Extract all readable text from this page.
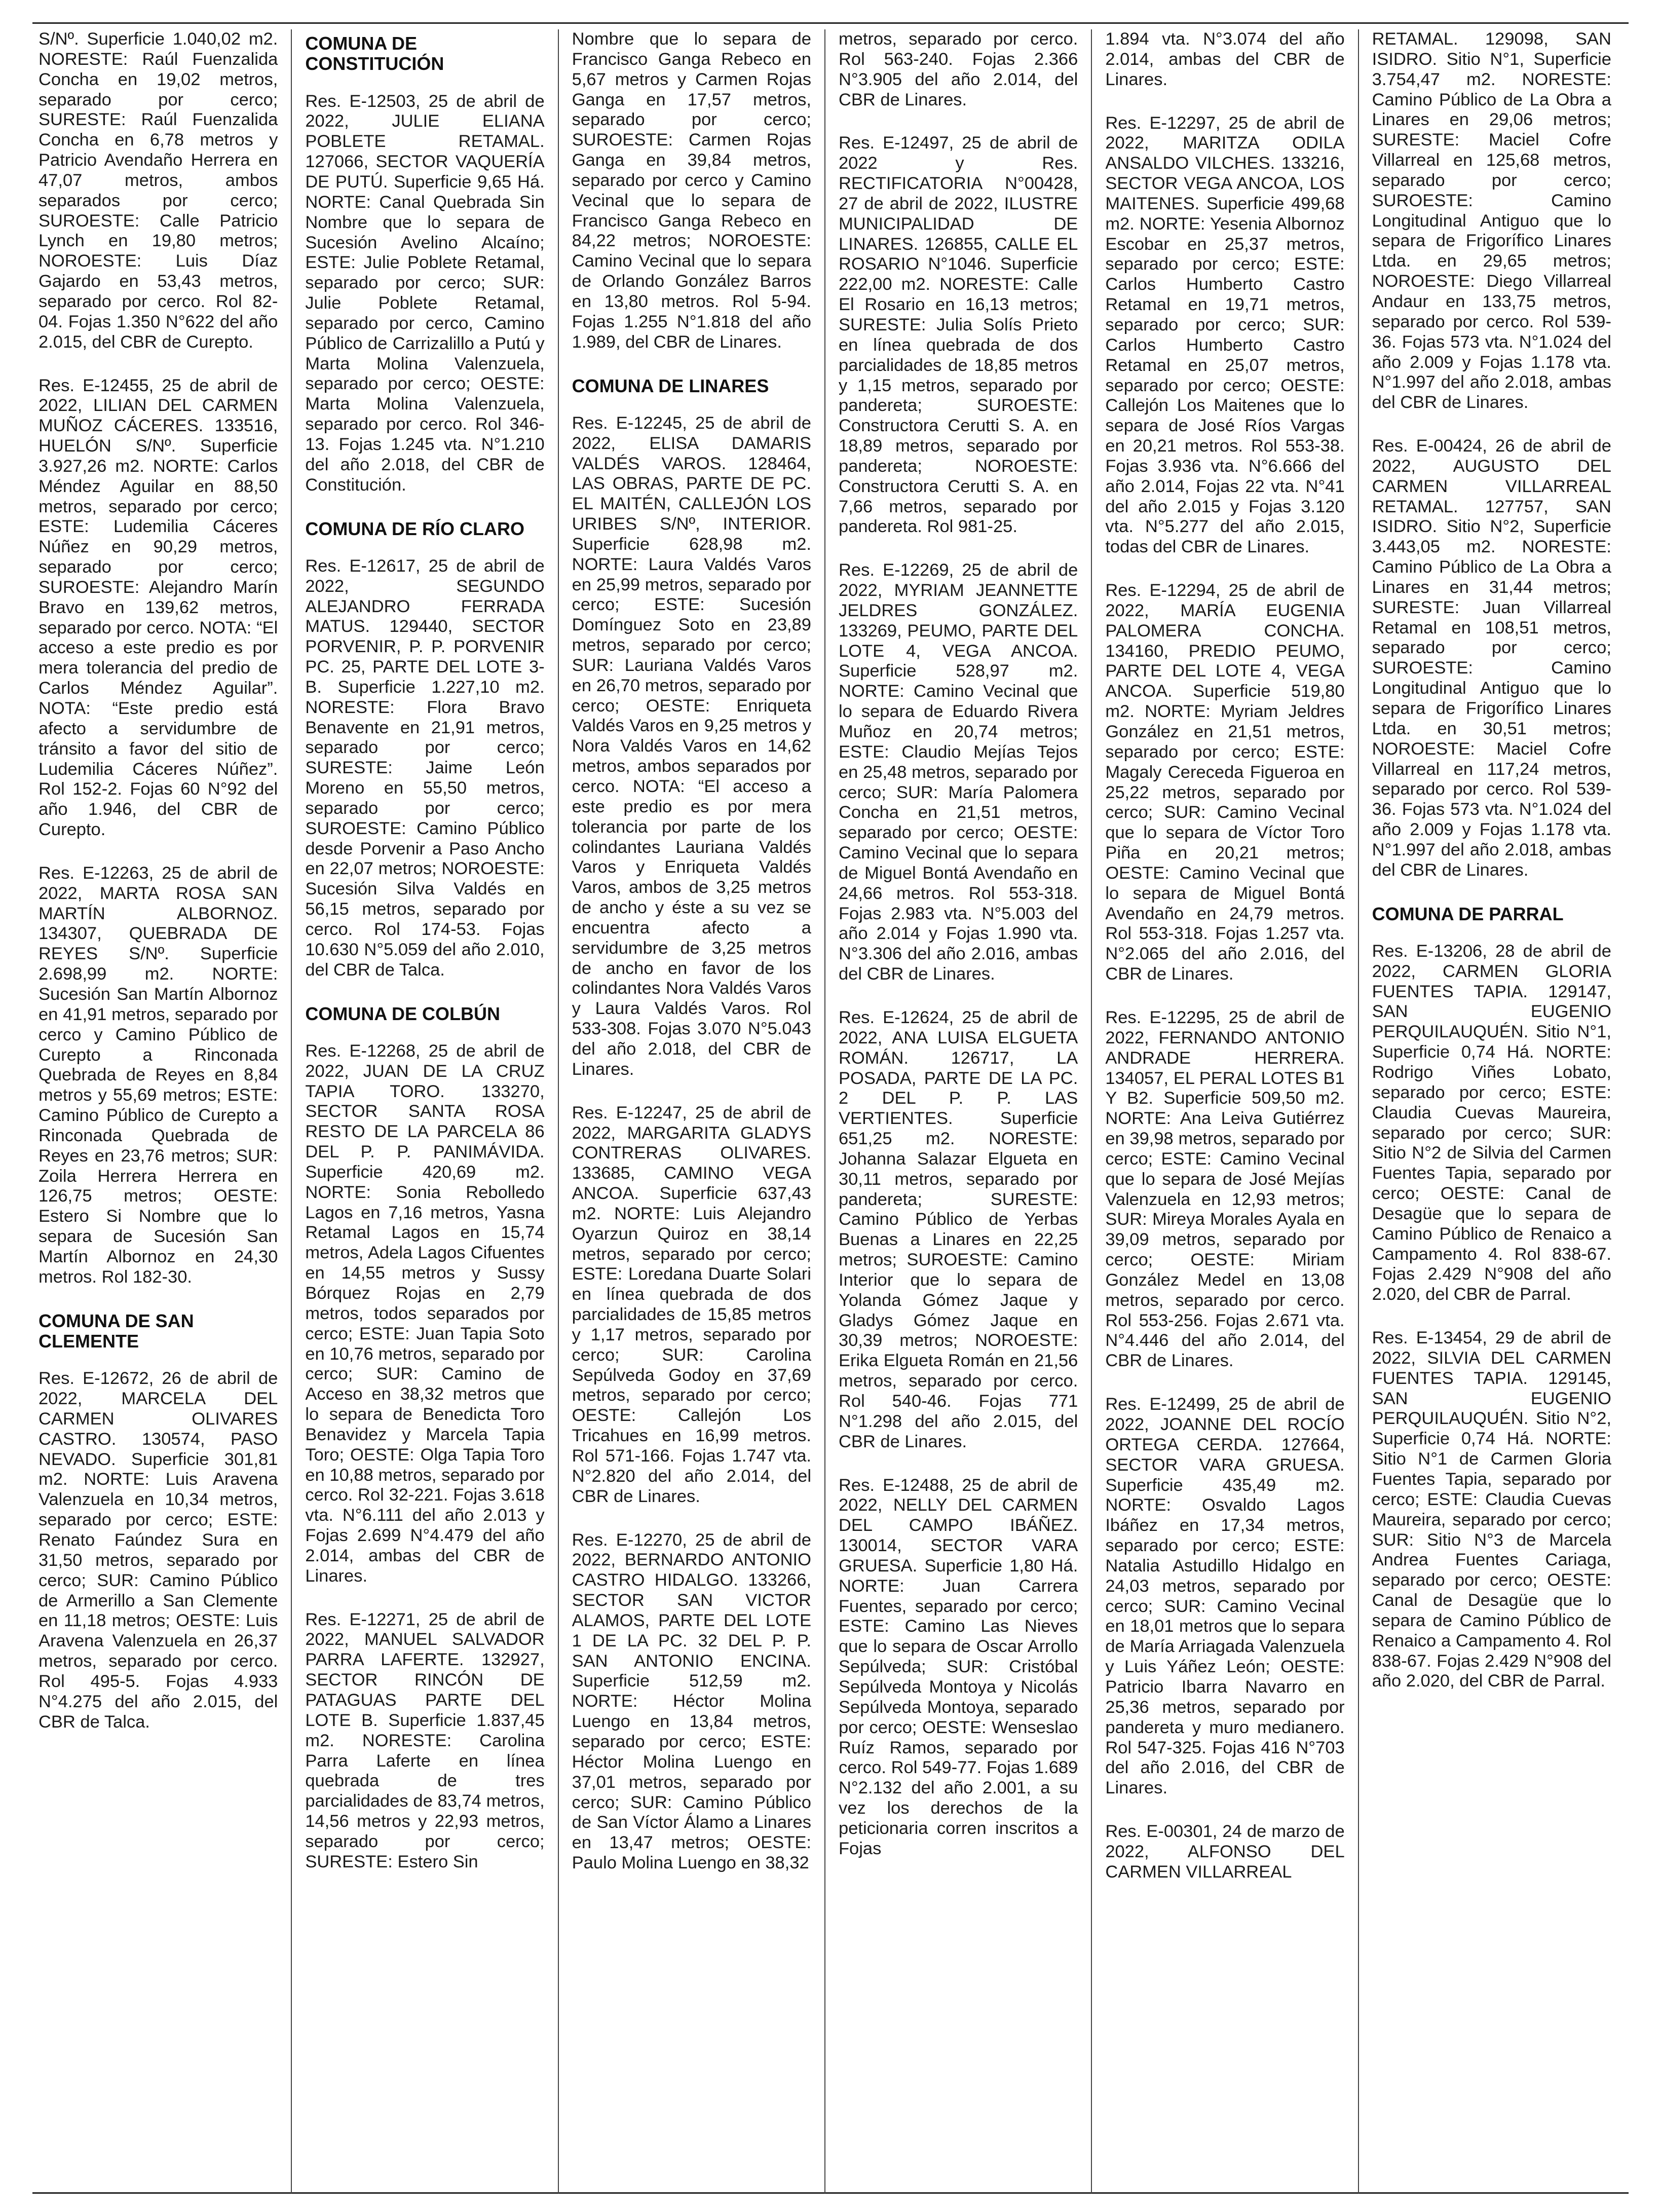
S/Nº. Superficie 1.040,02 m2. NORESTE: Raúl Fuenzalida Concha en 19,02 metros, separado por cerco; SURESTE: Raúl Fuenzalida Concha en 6,78 metros y Patricio Avendaño Herrera en 47,07 metros, ambos separados por cerco; SUROESTE: Calle Patricio Lynch en 19,80 metros; NOROESTE: Luis Díaz Gajardo en 53,43 metros, separado por cerco. Rol 82-04. Fojas 1.350 N°622 del año 2.015, del CBR de Curepto.
Res. E-12455, 25 de abril de 2022, LILIAN DEL CARMEN MUÑOZ CÁCERES. 133516, HUELÓN S/Nº. Superficie 3.927,26 m2. NORTE: Carlos Méndez Aguilar en 88,50 metros, separado por cerco; ESTE: Ludemilia Cáceres Núñez en 90,29 metros, separado por cerco; SUROESTE: Alejandro Marín Bravo en 139,62 metros, separado por cerco. NOTA: “El acceso a este predio es por mera tolerancia del predio de Carlos Méndez Aguilar”. NOTA: “Este predio está afecto a servidumbre de tránsito a favor del sitio de Ludemilia Cáceres Núñez”. Rol 152-2. Fojas 60 N°92 del año 1.946, del CBR de Curepto.
Res. E-12263, 25 de abril de 2022, MARTA ROSA SAN MARTÍN ALBORNOZ. 134307, QUEBRADA DE REYES S/Nº. Superficie 2.698,99 m2. NORTE: Sucesión San Martín Albornoz en 41,91 metros, separado por cerco y Camino Público de Curepto a Rinconada Quebrada de Reyes en 8,84 metros y 55,69 metros; ESTE: Camino Público de Curepto a Rinconada Quebrada de Reyes en 23,76 metros; SUR: Zoila Herrera Herrera en 126,75 metros; OESTE: Estero Si Nombre que lo separa de Sucesión San Martín Albornoz en 24,30 metros. Rol 182-30.
COMUNA DE SAN CLEMENTE
Res. E-12672, 26 de abril de 2022, MARCELA DEL CARMEN OLIVARES CASTRO. 130574, PASO NEVADO. Superficie 301,81 m2. NORTE: Luis Aravena Valenzuela en 10,34 metros, separado por cerco; ESTE: Renato Faúndez Sura en 31,50 metros, separado por cerco; SUR: Camino Público de Armerillo a San Clemente en 11,18 metros; OESTE: Luis Aravena Valenzuela en 26,37 metros, separado por cerco. Rol 495-5. Fojas 4.933 N°4.275 del año 2.015, del CBR de Talca.
COMUNA DE CONSTITUCIÓN
Res. E-12503, 25 de abril de 2022, JULIE ELIANA POBLETE RETAMAL. 127066, SECTOR VAQUERÍA DE PUTÚ. Superficie 9,65 Há. NORTE: Canal Quebrada Sin Nombre que lo separa de Sucesión Avelino Alcaíno; ESTE: Julie Poblete Retamal, separado por cerco; SUR: Julie Poblete Retamal, separado por cerco, Camino Público de Carrizalillo a Putú y Marta Molina Valenzuela, separado por cerco; OESTE: Marta Molina Valenzuela, separado por cerco. Rol 346-13. Fojas 1.245 vta. N°1.210 del año 2.018, del CBR de Constitución.
COMUNA DE RÍO CLARO
Res. E-12617, 25 de abril de 2022, SEGUNDO ALEJANDRO FERRADA MATUS. 129440, SECTOR PORVENIR, P. P. PORVENIR PC. 25, PARTE DEL LOTE 3-B. Superficie 1.227,10 m2. NORESTE: Flora Bravo Benavente en 21,91 metros, separado por cerco; SURESTE: Jaime León Moreno en 55,50 metros, separado por cerco; SUROESTE: Camino Público desde Porvenir a Paso Ancho en 22,07 metros; NOROESTE: Sucesión Silva Valdés en 56,15 metros, separado por cerco. Rol 174-53. Fojas 10.630 N°5.059 del año 2.010, del CBR de Talca.
COMUNA DE COLBÚN
Res. E-12268, 25 de abril de 2022, JUAN DE LA CRUZ TAPIA TORO. 133270, SECTOR SANTA ROSA RESTO DE LA PARCELA 86 DEL P. P. PANIMÁVIDA. Superficie 420,69 m2. NORTE: Sonia Rebolledo Lagos en 7,16 metros, Yasna Retamal Lagos en 15,74 metros, Adela Lagos Cifuentes en 14,55 metros y Sussy Bórquez Rojas en 2,79 metros, todos separados por cerco; ESTE: Juan Tapia Soto en 10,76 metros, separado por cerco; SUR: Camino de Acceso en 38,32 metros que lo separa de Benedicta Toro Benavidez y Marcela Tapia Toro; OESTE: Olga Tapia Toro en 10,88 metros, separado por cerco. Rol 32-221. Fojas 3.618 vta. N°6.111 del año 2.013 y Fojas 2.699 N°4.479 del año 2.014, ambas del CBR de Linares.
Res. E-12271, 25 de abril de 2022, MANUEL SALVADOR PARRA LAFERTE. 132927, SECTOR RINCÓN DE PATAGUAS PARTE DEL LOTE B. Superficie 1.837,45 m2. NORESTE: Carolina Parra Laferte en línea quebrada de tres parcialidades de 83,74 metros, 14,56 metros y 22,93 metros, separado por cerco; SURESTE: Estero Sin
Nombre que lo separa de Francisco Ganga Rebeco en 5,67 metros y Carmen Rojas Ganga en 17,57 metros, separado por cerco; SUROESTE: Carmen Rojas Ganga en 39,84 metros, separado por cerco y Camino Vecinal que lo separa de Francisco Ganga Rebeco en 84,22 metros; NOROESTE: Camino Vecinal que lo separa de Orlando González Barros en 13,80 metros. Rol 5-94. Fojas 1.255 N°1.818 del año 1.989, del CBR de Linares.
COMUNA DE LINARES
Res. E-12245, 25 de abril de 2022, ELISA DAMARIS VALDÉS VAROS. 128464, LAS OBRAS, PARTE DE PC. EL MAITÉN, CALLEJÓN LOS URIBES S/Nº, INTERIOR. Superficie 628,98 m2. NORTE: Laura Valdés Varos en 25,99 metros, separado por cerco; ESTE: Sucesión Domínguez Soto en 23,89 metros, separado por cerco; SUR: Lauriana Valdés Varos en 26,70 metros, separado por cerco; OESTE: Enriqueta Valdés Varos en 9,25 metros y Nora Valdés Varos en 14,62 metros, ambos separados por cerco. NOTA: “El acceso a este predio es por mera tolerancia por parte de los colindantes Lauriana Valdés Varos y Enriqueta Valdés Varos, ambos de 3,25 metros de ancho y éste a su vez se encuentra afecto a servidumbre de 3,25 metros de ancho en favor de los colindantes Nora Valdés Varos y Laura Valdés Varos. Rol 533-308. Fojas 3.070 N°5.043 del año 2.018, del CBR de Linares.
Res. E-12247, 25 de abril de 2022, MARGARITA GLADYS CONTRERAS OLIVARES. 133685, CAMINO VEGA ANCOA. Superficie 637,43 m2. NORTE: Luis Alejandro Oyarzun Quiroz en 38,14 metros, separado por cerco; ESTE: Loredana Duarte Solari en línea quebrada de dos parcialidades de 15,85 metros y 1,17 metros, separado por cerco; SUR: Carolina Sepúlveda Godoy en 37,69 metros, separado por cerco; OESTE: Callejón Los Tricahues en 16,99 metros. Rol 571-166. Fojas 1.747 vta. N°2.820 del año 2.014, del CBR de Linares.
Res. E-12270, 25 de abril de 2022, BERNARDO ANTONIO CASTRO HIDALGO. 133266, SECTOR SAN VICTOR ALAMOS, PARTE DEL LOTE 1 DE LA PC. 32 DEL P. P. SAN ANTONIO ENCINA. Superficie 512,59 m2. NORTE: Héctor Molina Luengo en 13,84 metros, separado por cerco; ESTE: Héctor Molina Luengo en 37,01 metros, separado por cerco; SUR: Camino Público de San Víctor Álamo a Linares en 13,47 metros; OESTE: Paulo Molina Luengo en 38,32
metros, separado por cerco. Rol 563-240. Fojas 2.366 N°3.905 del año 2.014, del CBR de Linares.
Res. E-12497, 25 de abril de 2022 y Res. RECTIFICATORIA N°00428, 27 de abril de 2022, ILUSTRE MUNICIPALIDAD DE LINARES. 126855, CALLE EL ROSARIO N°1046. Superficie 222,00 m2. NORESTE: Calle El Rosario en 16,13 metros; SURESTE: Julia Solís Prieto en línea quebrada de dos parcialidades de 18,85 metros y 1,15 metros, separado por pandereta; SUROESTE: Constructora Cerutti S. A. en 18,89 metros, separado por pandereta; NOROESTE: Constructora Cerutti S. A. en 7,66 metros, separado por pandereta. Rol 981-25.
Res. E-12269, 25 de abril de 2022, MYRIAM JEANNETTE JELDRES GONZÁLEZ. 133269, PEUMO, PARTE DEL LOTE 4, VEGA ANCOA. Superficie 528,97 m2. NORTE: Camino Vecinal que lo separa de Eduardo Rivera Muñoz en 20,74 metros; ESTE: Claudio Mejías Tejos en 25,48 metros, separado por cerco; SUR: María Palomera Concha en 21,51 metros, separado por cerco; OESTE: Camino Vecinal que lo separa de Miguel Bontá Avendaño en 24,66 metros. Rol 553-318. Fojas 2.983 vta. N°5.003 del año 2.014 y Fojas 1.990 vta. N°3.306 del año 2.016, ambas del CBR de Linares.
Res. E-12624, 25 de abril de 2022, ANA LUISA ELGUETA ROMÁN. 126717, LA POSADA, PARTE DE LA PC. 2 DEL P. P. LAS VERTIENTES. Superficie 651,25 m2. NORESTE: Johanna Salazar Elgueta en 30,11 metros, separado por pandereta; SURESTE: Camino Público de Yerbas Buenas a Linares en 22,25 metros; SUROESTE: Camino Interior que lo separa de Yolanda Gómez Jaque y Gladys Gómez Jaque en 30,39 metros; NOROESTE: Erika Elgueta Román en 21,56 metros, separado por cerco. Rol 540-46. Fojas 771 N°1.298 del año 2.015, del CBR de Linares.
Res. E-12488, 25 de abril de 2022, NELLY DEL CARMEN DEL CAMPO IBÁÑEZ. 130014, SECTOR VARA GRUESA. Superficie 1,80 Há. NORTE: Juan Carrera Fuentes, separado por cerco; ESTE: Camino Las Nieves que lo separa de Oscar Arrollo Sepúlveda; SUR: Cristóbal Sepúlveda Montoya y Nicolás Sepúlveda Montoya, separado por cerco; OESTE: Wenseslao Ruíz Ramos, separado por cerco. Rol 549-77. Fojas 1.689 N°2.132 del año 2.001, a su vez los derechos de la peticionaria corren inscritos a Fojas
1.894 vta. N°3.074 del año 2.014, ambas del CBR de Linares.
Res. E-12297, 25 de abril de 2022, MARITZA ODILA ANSALDO VILCHES. 133216, SECTOR VEGA ANCOA, LOS MAITENES. Superficie 499,68 m2. NORTE: Yesenia Albornoz Escobar en 25,37 metros, separado por cerco; ESTE: Carlos Humberto Castro Retamal en 19,71 metros, separado por cerco; SUR: Carlos Humberto Castro Retamal en 25,07 metros, separado por cerco; OESTE: Callejón Los Maitenes que lo separa de José Ríos Vargas en 20,21 metros. Rol 553-38. Fojas 3.936 vta. N°6.666 del año 2.014, Fojas 22 vta. N°41 del año 2.015 y Fojas 3.120 vta. N°5.277 del año 2.015, todas del CBR de Linares.
Res. E-12294, 25 de abril de 2022, MARÍA EUGENIA PALOMERA CONCHA. 134160, PREDIO PEUMO, PARTE DEL LOTE 4, VEGA ANCOA. Superficie 519,80 m2. NORTE: Myriam Jeldres González en 21,51 metros, separado por cerco; ESTE: Magaly Cereceda Figueroa en 25,22 metros, separado por cerco; SUR: Camino Vecinal que lo separa de Víctor Toro Piña en 20,21 metros; OESTE: Camino Vecinal que lo separa de Miguel Bontá Avendaño en 24,79 metros. Rol 553-318. Fojas 1.257 vta. N°2.065 del año 2.016, del CBR de Linares.
Res. E-12295, 25 de abril de 2022, FERNANDO ANTONIO ANDRADE HERRERA. 134057, EL PERAL LOTES B1 Y B2. Superficie 509,50 m2. NORTE: Ana Leiva Gutiérrez en 39,98 metros, separado por cerco; ESTE: Camino Vecinal que lo separa de José Mejías Valenzuela en 12,93 metros; SUR: Mireya Morales Ayala en 39,09 metros, separado por cerco; OESTE: Miriam González Medel en 13,08 metros, separado por cerco. Rol 553-256. Fojas 2.671 vta. N°4.446 del año 2.014, del CBR de Linares.
Res. E-12499, 25 de abril de 2022, JOANNE DEL ROCÍO ORTEGA CERDA. 127664, SECTOR VARA GRUESA. Superficie 435,49 m2. NORTE: Osvaldo Lagos Ibáñez en 17,34 metros, separado por cerco; ESTE: Natalia Astudillo Hidalgo en 24,03 metros, separado por cerco; SUR: Camino Vecinal en 18,01 metros que lo separa de María Arriagada Valenzuela y Luis Yáñez León; OESTE: Patricio Ibarra Navarro en 25,36 metros, separado por pandereta y muro medianero. Rol 547-325. Fojas 416 N°703 del año 2.016, del CBR de Linares.
Res. E-00301, 24 de marzo de 2022, ALFONSO DEL CARMEN VILLARREAL
RETAMAL. 129098, SAN ISIDRO. Sitio N°1, Superficie 3.754,47 m2. NORESTE: Camino Público de La Obra a Linares en 29,06 metros; SURESTE: Maciel Cofre Villarreal en 125,68 metros, separado por cerco; SUROESTE: Camino Longitudinal Antiguo que lo separa de Frigorífico Linares Ltda. en 29,65 metros; NOROESTE: Diego Villarreal Andaur en 133,75 metros, separado por cerco. Rol 539-36. Fojas 573 vta. N°1.024 del año 2.009 y Fojas 1.178 vta. N°1.997 del año 2.018, ambas del CBR de Linares.
Res. E-00424, 26 de abril de 2022, AUGUSTO DEL CARMEN VILLARREAL RETAMAL. 127757, SAN ISIDRO. Sitio N°2, Superficie 3.443,05 m2. NORESTE: Camino Público de La Obra a Linares en 31,44 metros; SURESTE: Juan Villarreal Retamal en 108,51 metros, separado por cerco; SUROESTE: Camino Longitudinal Antiguo que lo separa de Frigorífico Linares Ltda. en 30,51 metros; NOROESTE: Maciel Cofre Villarreal en 117,24 metros, separado por cerco. Rol 539-36. Fojas 573 vta. N°1.024 del año 2.009 y Fojas 1.178 vta. N°1.997 del año 2.018, ambas del CBR de Linares.
COMUNA DE PARRAL
Res. E-13206, 28 de abril de 2022, CARMEN GLORIA FUENTES TAPIA. 129147, SAN EUGENIO PERQUILAUQUÉN. Sitio N°1, Superficie 0,74 Há. NORTE: Rodrigo Viñes Lobato, separado por cerco; ESTE: Claudia Cuevas Maureira, separado por cerco; SUR: Sitio N°2 de Silvia del Carmen Fuentes Tapia, separado por cerco; OESTE: Canal de Desagüe que lo separa de Camino Público de Renaico a Campamento 4. Rol 838-67. Fojas 2.429 N°908 del año 2.020, del CBR de Parral.
Res. E-13454, 29 de abril de 2022, SILVIA DEL CARMEN FUENTES TAPIA. 129145, SAN EUGENIO PERQUILAUQUÉN. Sitio N°2, Superficie 0,74 Há. NORTE: Sitio N°1 de Carmen Gloria Fuentes Tapia, separado por cerco; ESTE: Claudia Cuevas Maureira, separado por cerco; SUR: Sitio N°3 de Marcela Andrea Fuentes Cariaga, separado por cerco; OESTE: Canal de Desagüe que lo separa de Camino Público de Renaico a Campamento 4. Rol 838-67. Fojas 2.429 N°908 del año 2.020, del CBR de Parral.
